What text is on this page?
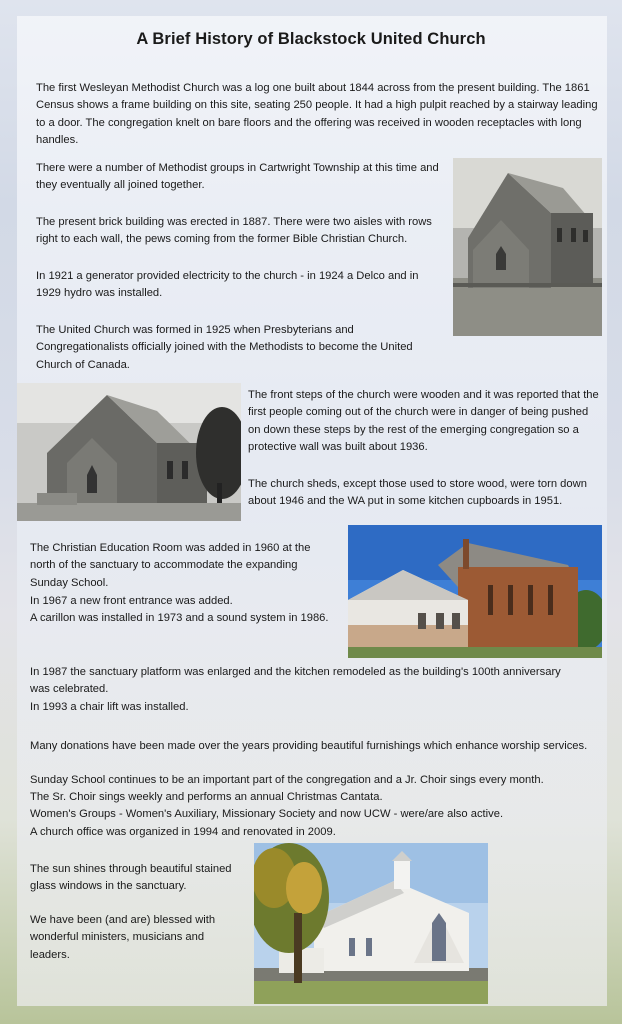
A Brief History of Blackstock United Church

The first Wesleyan Methodist Church was a log one built about 1844 across from the present building. The 1861 Census shows a frame building on this site, seating 250 people. It had a high pulpit reached by a stairway leading to a door. The congregation knelt on bare floors and the offering was received in wooden receptacles with long handles.

There were a number of Methodist groups in Cartwright Township at this time and they eventually all joined together.

The present brick building was erected in 1887. There were two aisles with rows right to each wall, the pews coming from the former Bible Christian Church.

In 1921 a generator provided electricity to the church - in 1924 a Delco and in 1929 hydro was installed.

The United Church was formed in 1925 when Presbyterians and Congregationalists officially joined with the Methodists to become the United Church of Canada.

The front steps of the church were wooden and it was reported that the first people coming out of the church were in danger of being pushed on down these steps by the rest of the emerging congregation so a protective wall was built about 1936.

The church sheds, except those used to store wood, were torn down about 1946 and the WA put in some kitchen cupboards in 1951.

The Christian Education Room was added in 1960 at the north of the sanctuary to accommodate the expanding Sunday School.

In 1967 a new front entrance was added.

A carillon was installed in 1973 and a sound system in 1986.

In 1987 the sanctuary platform was enlarged and the kitchen remodeled as the building's 100th anniversary was celebrated.

In 1993 a chair lift was installed.

Many donations have been made over the years providing beautiful furnishings which enhance worship services.

Sunday School continues to be an important part of the congregation and a Jr. Choir sings every month.

The Sr. Choir sings weekly and performs an annual Christmas Cantata.

Women's Groups - Women's Auxiliary, Missionary Society and now UCW - were/are also active.

A church office was organized in 1994 and renovated in 2009.

The sun shines through beautiful stained glass windows in the sanctuary.

We have been (and are) blessed with wonderful ministers, musicians and leaders.
